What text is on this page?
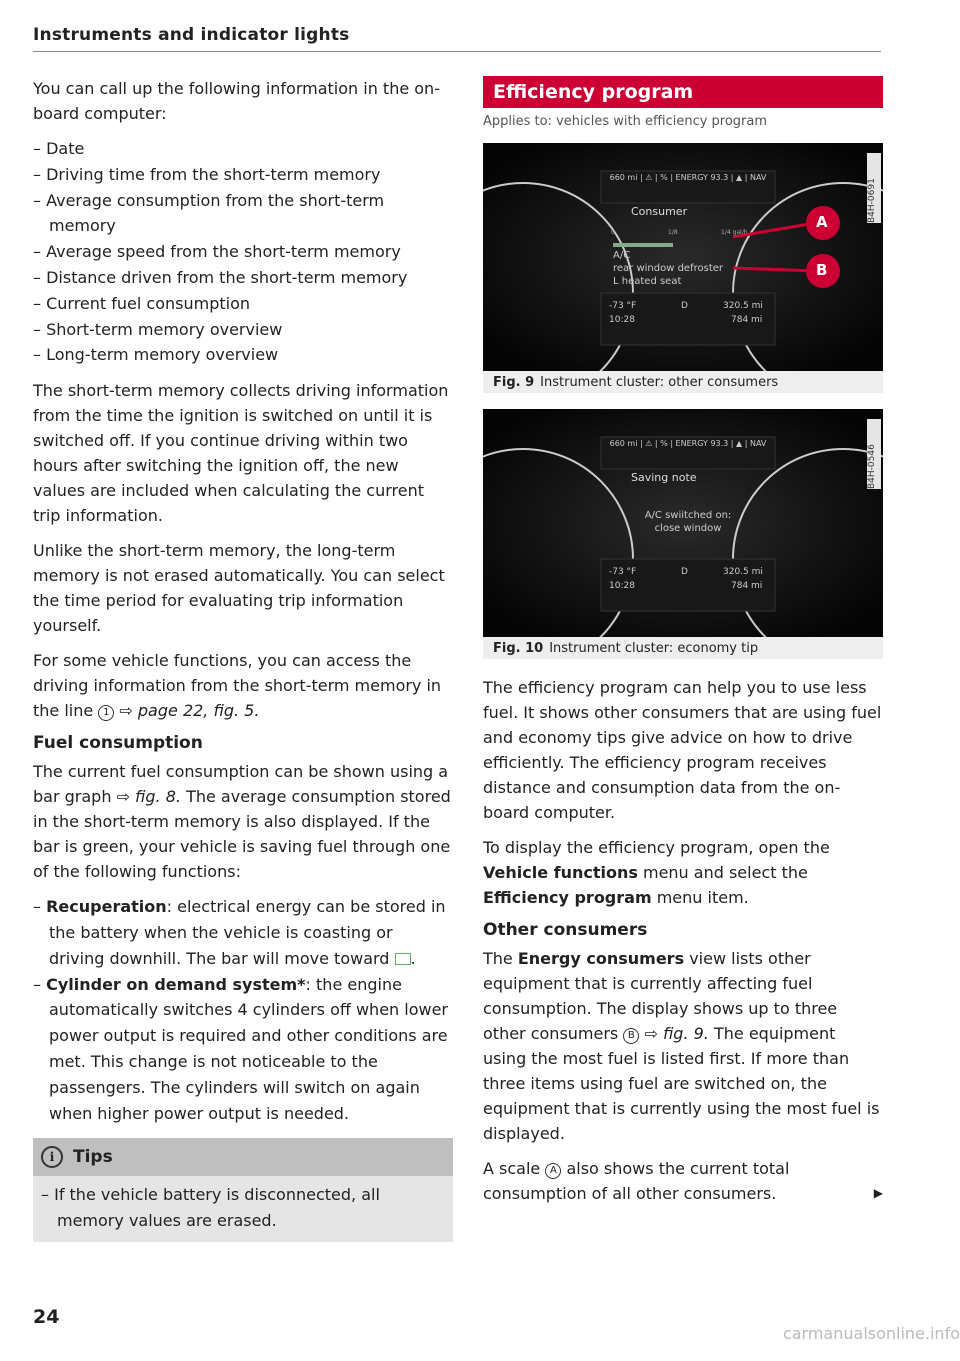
Instruments and indicator lights

You can call up the following information in the on-board computer:

– Date
– Driving time from the short-term memory
– Average consumption from the short-term memory
– Average speed from the short-term memory
– Distance driven from the short-term memory
– Current fuel consumption
– Short-term memory overview
– Long-term memory overview

The short-term memory collects driving information from the time the ignition is switched on until it is switched off. If you continue driving within two hours after switching the ignition off, the new values are included when calculating the current trip information.

Unlike the short-term memory, the long-term memory is not erased automatically. You can select the time period for evaluating trip information yourself.

For some vehicle functions, you can access the driving information from the short-term memory in the line 1 ⇨ page 22, fig. 5.

Fuel consumption

The current fuel consumption can be shown using a bar graph ⇨ fig. 8. The average consumption stored in the short-term memory is also displayed. If the bar is green, your vehicle is saving fuel through one of the following functions:

– Recuperation: electrical energy can be stored in the battery when the vehicle is coasting or driving downhill. The bar will move toward .
– Cylinder on demand system*: the engine automatically switches 4 cylinders off when lower power output is required and other conditions are met. This change is not noticeable to the passengers. The cylinders will switch on again when higher power output is needed.
i	Tips
– If the vehicle battery is disconnected, all memory values are erased.
24
Efficiency program
Applies to: vehicles with efficiency program
660 mi | ⚠ | % | ENERGY 93.3 | ▲ | NAV
Consumer
0	1/8	1/4 gal/h
A/C
rear window defroster
L heated seat
-73 °F	D	320.5 mi
10:28	784 mi
A
B
B4H-0691
Fig. 9 Instrument cluster: other consumers
660 mi | ⚠ | % | ENERGY 93.3 | ▲ | NAV
Saving note
A/C swiitched on:
close window
-73 °F	D	320.5 mi
10:28	784 mi
B4H-0546
Fig. 10 Instrument cluster: economy tip

The efficiency program can help you to use less fuel. It shows other consumers that are using fuel and economy tips give advice on how to drive efficiently. The efficiency program receives distance and consumption data from the on-board computer.

To display the efficiency program, open the Vehicle functions menu and select the Efficiency program menu item.

Other consumers

The Energy consumers view lists other equipment that is currently affecting fuel consumption. The display shows up to three other consumers B ⇨ fig. 9. The equipment using the most fuel is listed first. If more than three items using fuel are switched on, the equipment that is currently using the most fuel is displayed.

A scale A also shows the current total consumption of all other consumers.	▶

carmanualsonline.info
